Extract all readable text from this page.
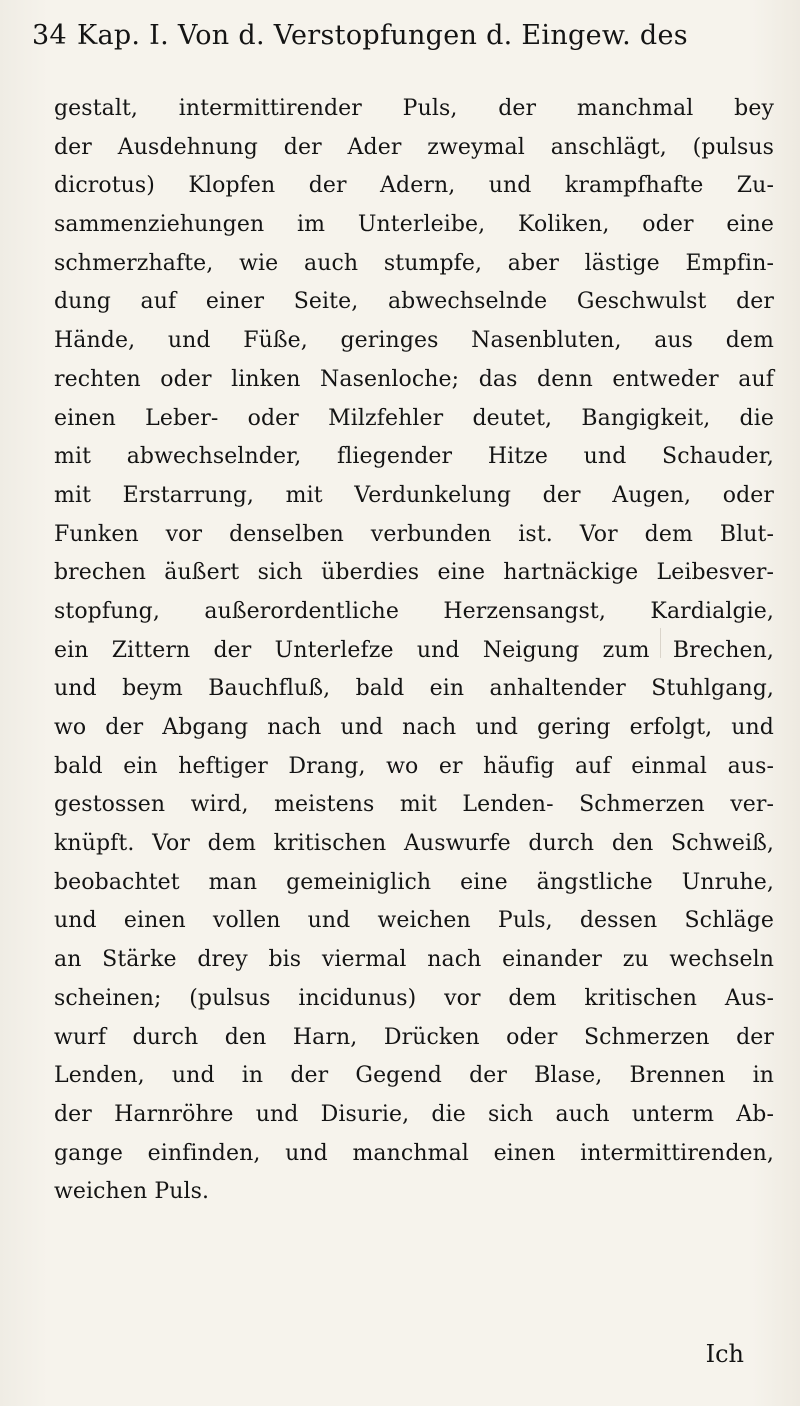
34 Kap. I. Von d. Verstopfungen d. Eingew. des
gestalt, intermittirender Puls, der manchmal bey
der Ausdehnung der Ader zweymal anschlägt, (pulsus
dicrotus) Klopfen der Adern, und krampfhafte Zu-
sammenziehungen im Unterleibe, Koliken, oder eine
schmerzhafte, wie auch stumpfe, aber lästige Empfin-
dung auf einer Seite, abwechselnde Geschwulst der
Hände, und Füße, geringes Nasenbluten, aus dem
rechten oder linken Nasenloche; das denn entweder auf
einen Leber- oder Milzfehler deutet, Bangigkeit, die
mit abwechselnder, fliegender Hitze und Schauder,
mit Erstarrung, mit Verdunkelung der Augen, oder
Funken vor denselben verbunden ist. Vor dem Blut-
brechen äußert sich überdies eine hartnäckige Leibesver-
stopfung, außerordentliche Herzensangst, Kardialgie,
ein Zittern der Unterlefze und Neigung zum Brechen,
und beym Bauchfluß, bald ein anhaltender Stuhlgang,
wo der Abgang nach und nach und gering erfolgt, und
bald ein heftiger Drang, wo er häufig auf einmal aus-
gestossen wird, meistens mit Lenden- Schmerzen ver-
knüpft. Vor dem kritischen Auswurfe durch den Schweiß,
beobachtet man gemeiniglich eine ängstliche Unruhe,
und einen vollen und weichen Puls, dessen Schläge
an Stärke drey bis viermal nach einander zu wechseln
scheinen; (pulsus incidunus) vor dem kritischen Aus-
wurf durch den Harn, Drücken oder Schmerzen der
Lenden, und in der Gegend der Blase, Brennen in
der Harnröhre und Disurie, die sich auch unterm Ab-
gange einfinden, und manchmal einen intermittirenden,
weichen Puls.
Ich
